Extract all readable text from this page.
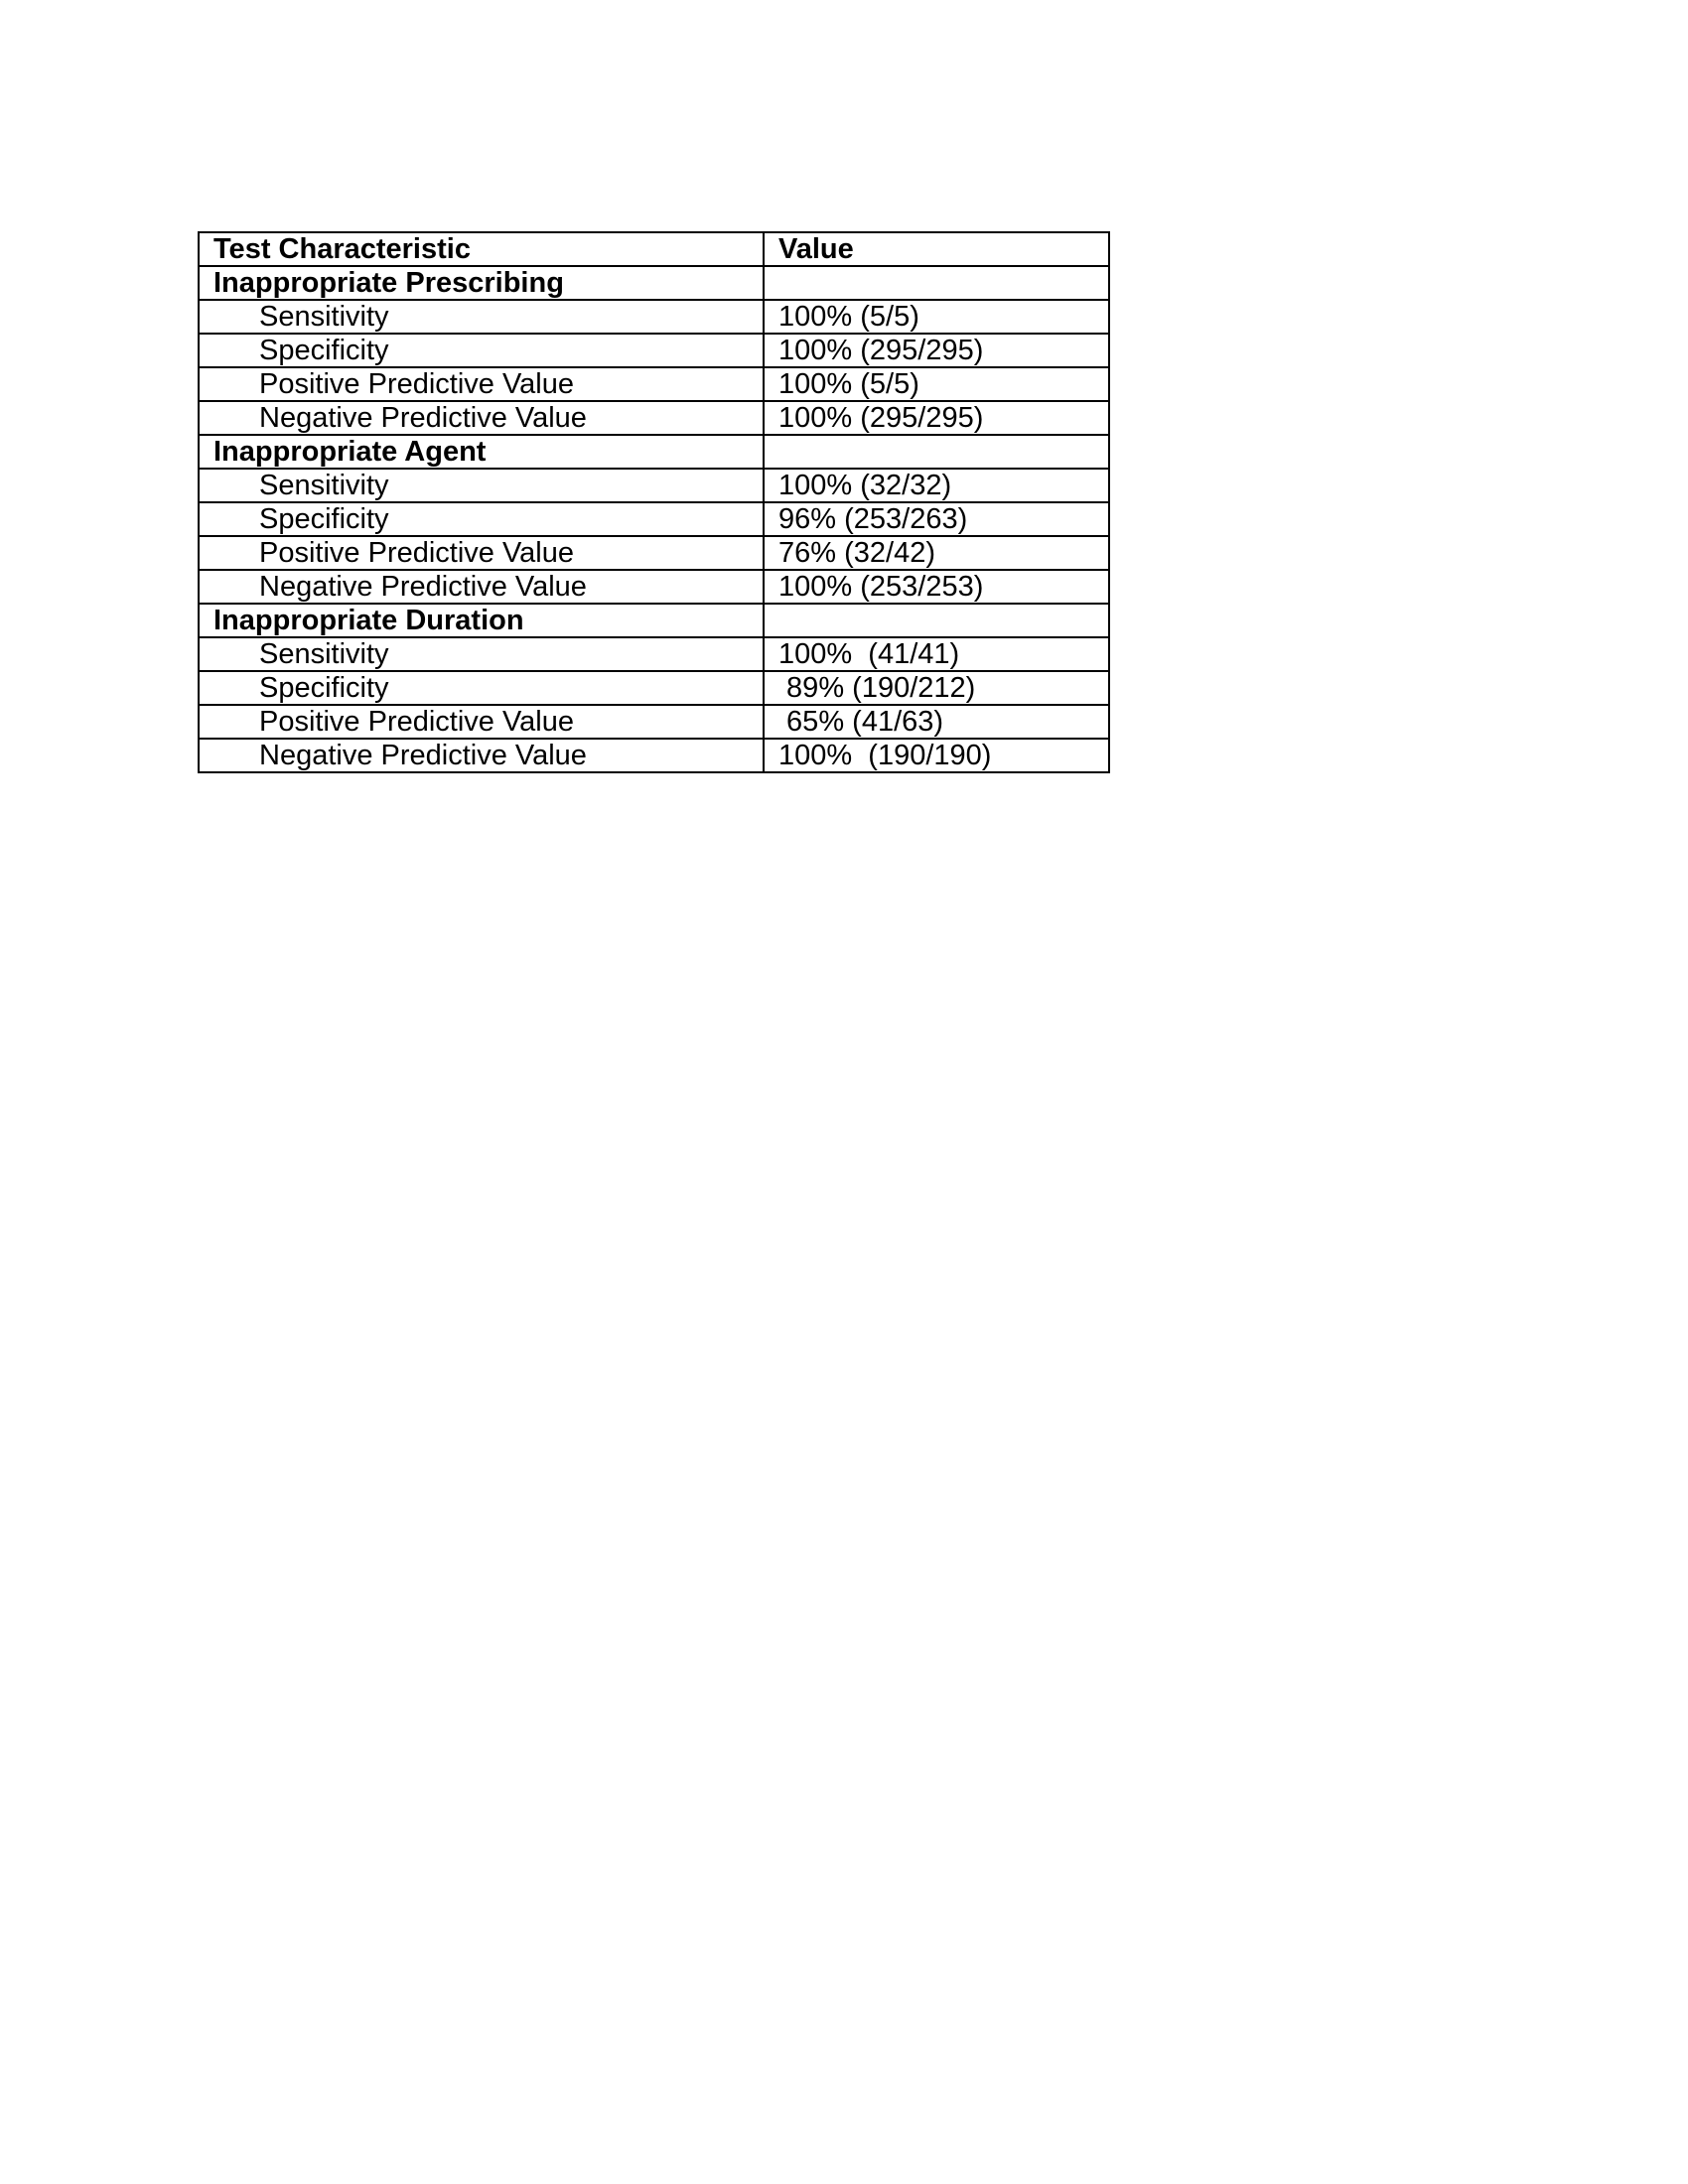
Test Characteristic	Value
Inappropriate Prescribing	
Sensitivity	100% (5/5)
Specificity	100% (295/295)
Positive Predictive Value	100% (5/5)
Negative Predictive Value	100% (295/295)
Inappropriate Agent	
Sensitivity	100% (32/32)
Specificity	96% (253/263)
Positive Predictive Value	76% (32/42)
Negative Predictive Value	100% (253/253)
Inappropriate Duration	
Sensitivity	100%  (41/41)
Specificity	89% (190/212)
Positive Predictive Value	65% (41/63)
Negative Predictive Value	100%  (190/190)
